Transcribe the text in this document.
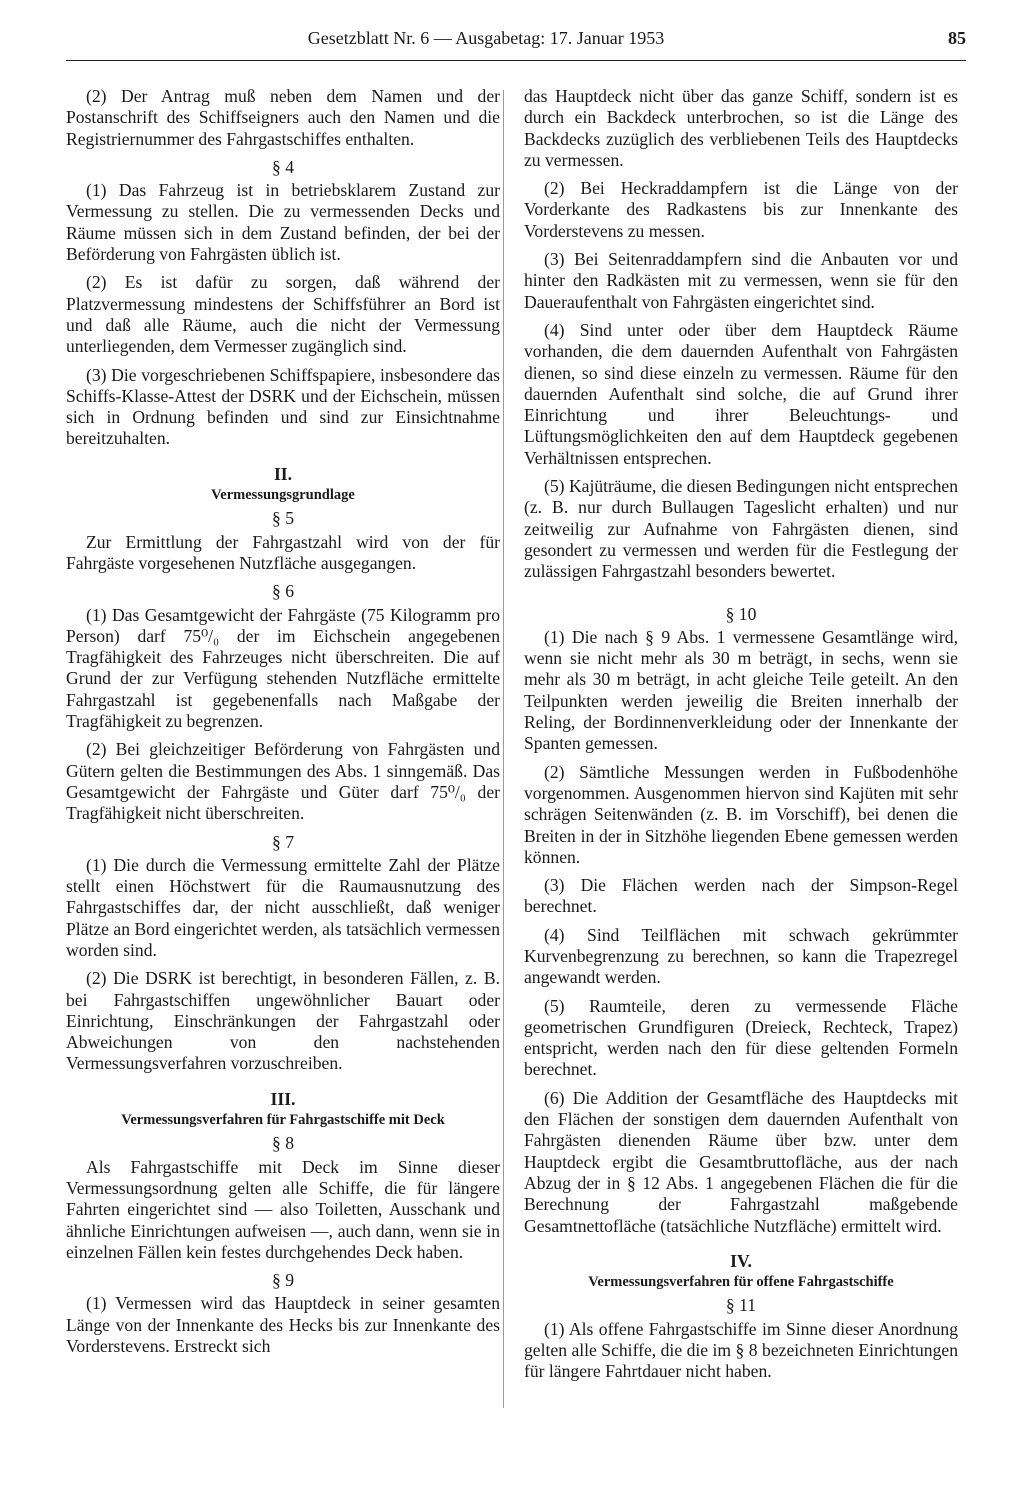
Gesetzblatt Nr. 6 — Ausgabetag: 17. Januar 1953	85

(2) Der Antrag muß neben dem Namen und der Postanschrift des Schiffseigners auch den Namen und die Registriernummer des Fahrgastschiffes enthalten.

§ 4

(1) Das Fahrzeug ist in betriebsklarem Zustand zur Vermessung zu stellen. Die zu vermessenden Decks und Räume müssen sich in dem Zustand befinden, der bei der Beförderung von Fahrgästen üblich ist.

(2) Es ist dafür zu sorgen, daß während der Platzvermessung mindestens der Schiffsführer an Bord ist und daß alle Räume, auch die nicht der Vermessung unterliegenden, dem Vermesser zugänglich sind.

(3) Die vorgeschriebenen Schiffspapiere, insbesondere das Schiffs-Klasse-Attest der DSRK und der Eichschein, müssen sich in Ordnung befinden und sind zur Einsichtnahme bereitzuhalten.

II.
Vermessungsgrundlage
§ 5

Zur Ermittlung der Fahrgastzahl wird von der für Fahrgäste vorgesehenen Nutzfläche ausgegangen.

§ 6

(1) Das Gesamtgewicht der Fahrgäste (75 Kilogramm pro Person) darf 75⁰/₀ der im Eichschein angegebenen Tragfähigkeit des Fahrzeuges nicht überschreiten. Die auf Grund der zur Verfügung stehenden Nutzfläche ermittelte Fahrgastzahl ist gegebenenfalls nach Maßgabe der Tragfähigkeit zu begrenzen.

(2) Bei gleichzeitiger Beförderung von Fahrgästen und Gütern gelten die Bestimmungen des Abs. 1 sinngemäß. Das Gesamtgewicht der Fahrgäste und Güter darf 75⁰/₀ der Tragfähigkeit nicht überschreiten.

§ 7

(1) Die durch die Vermessung ermittelte Zahl der Plätze stellt einen Höchstwert für die Raumausnutzung des Fahrgastschiffes dar, der nicht ausschließt, daß weniger Plätze an Bord eingerichtet werden, als tatsächlich vermessen worden sind.

(2) Die DSRK ist berechtigt, in besonderen Fällen, z. B. bei Fahrgastschiffen ungewöhnlicher Bauart oder Einrichtung, Einschränkungen der Fahrgastzahl oder Abweichungen von den nachstehenden Vermessungsverfahren vorzuschreiben.

III.
Vermessungsverfahren für Fahrgastschiffe mit Deck
§ 8

Als Fahrgastschiffe mit Deck im Sinne dieser Vermessungsordnung gelten alle Schiffe, die für längere Fahrten eingerichtet sind — also Toiletten, Ausschank und ähnliche Einrichtungen aufweisen —, auch dann, wenn sie in einzelnen Fällen kein festes durchgehendes Deck haben.

§ 9

(1) Vermessen wird das Hauptdeck in seiner gesamten Länge von der Innenkante des Hecks bis zur Innenkante des Vorderstevens. Erstreckt sich

das Hauptdeck nicht über das ganze Schiff, sondern ist es durch ein Backdeck unterbrochen, so ist die Länge des Backdecks zuzüglich des verbliebenen Teils des Hauptdecks zu vermessen.

(2) Bei Heckraddampfern ist die Länge von der Vorderkante des Radkastens bis zur Innenkante des Vorderstevens zu messen.

(3) Bei Seitenraddampfern sind die Anbauten vor und hinter den Radkästen mit zu vermessen, wenn sie für den Daueraufenthalt von Fahrgästen eingerichtet sind.

(4) Sind unter oder über dem Hauptdeck Räume vorhanden, die dem dauernden Aufenthalt von Fahrgästen dienen, so sind diese einzeln zu vermessen. Räume für den dauernden Aufenthalt sind solche, die auf Grund ihrer Einrichtung und ihrer Beleuchtungs- und Lüftungsmöglichkeiten den auf dem Hauptdeck gegebenen Verhältnissen entsprechen.

(5) Kajüträume, die diesen Bedingungen nicht entsprechen (z. B. nur durch Bullaugen Tageslicht erhalten) und nur zeitweilig zur Aufnahme von Fahrgästen dienen, sind gesondert zu vermessen und werden für die Festlegung der zulässigen Fahrgastzahl besonders bewertet.

§ 10

(1) Die nach § 9 Abs. 1 vermessene Gesamtlänge wird, wenn sie nicht mehr als 30 m beträgt, in sechs, wenn sie mehr als 30 m beträgt, in acht gleiche Teile geteilt. An den Teilpunkten werden jeweilig die Breiten innerhalb der Reling, der Bordinnenverkleidung oder der Innenkante der Spanten gemessen.

(2) Sämtliche Messungen werden in Fußbodenhöhe vorgenommen. Ausgenommen hiervon sind Kajüten mit sehr schrägen Seitenwänden (z. B. im Vorschiff), bei denen die Breiten in der in Sitzhöhe liegenden Ebene gemessen werden können.

(3) Die Flächen werden nach der Simpson-Regel berechnet.

(4) Sind Teilflächen mit schwach gekrümmter Kurvenbegrenzung zu berechnen, so kann die Trapezregel angewandt werden.

(5) Raumteile, deren zu vermessende Fläche geometrischen Grundfiguren (Dreieck, Rechteck, Trapez) entspricht, werden nach den für diese geltenden Formeln berechnet.

(6) Die Addition der Gesamtfläche des Hauptdecks mit den Flächen der sonstigen dem dauernden Aufenthalt von Fahrgästen dienenden Räume über bzw. unter dem Hauptdeck ergibt die Gesamtbruttofläche, aus der nach Abzug der in § 12 Abs. 1 angegebenen Flächen die für die Berechnung der Fahrgastzahl maßgebende Gesamtnettofläche (tatsächliche Nutzfläche) ermittelt wird.

IV.
Vermessungsverfahren für offene Fahrgastschiffe
§ 11

(1) Als offene Fahrgastschiffe im Sinne dieser Anordnung gelten alle Schiffe, die die im § 8 bezeichneten Einrichtungen für längere Fahrtdauer nicht haben.
